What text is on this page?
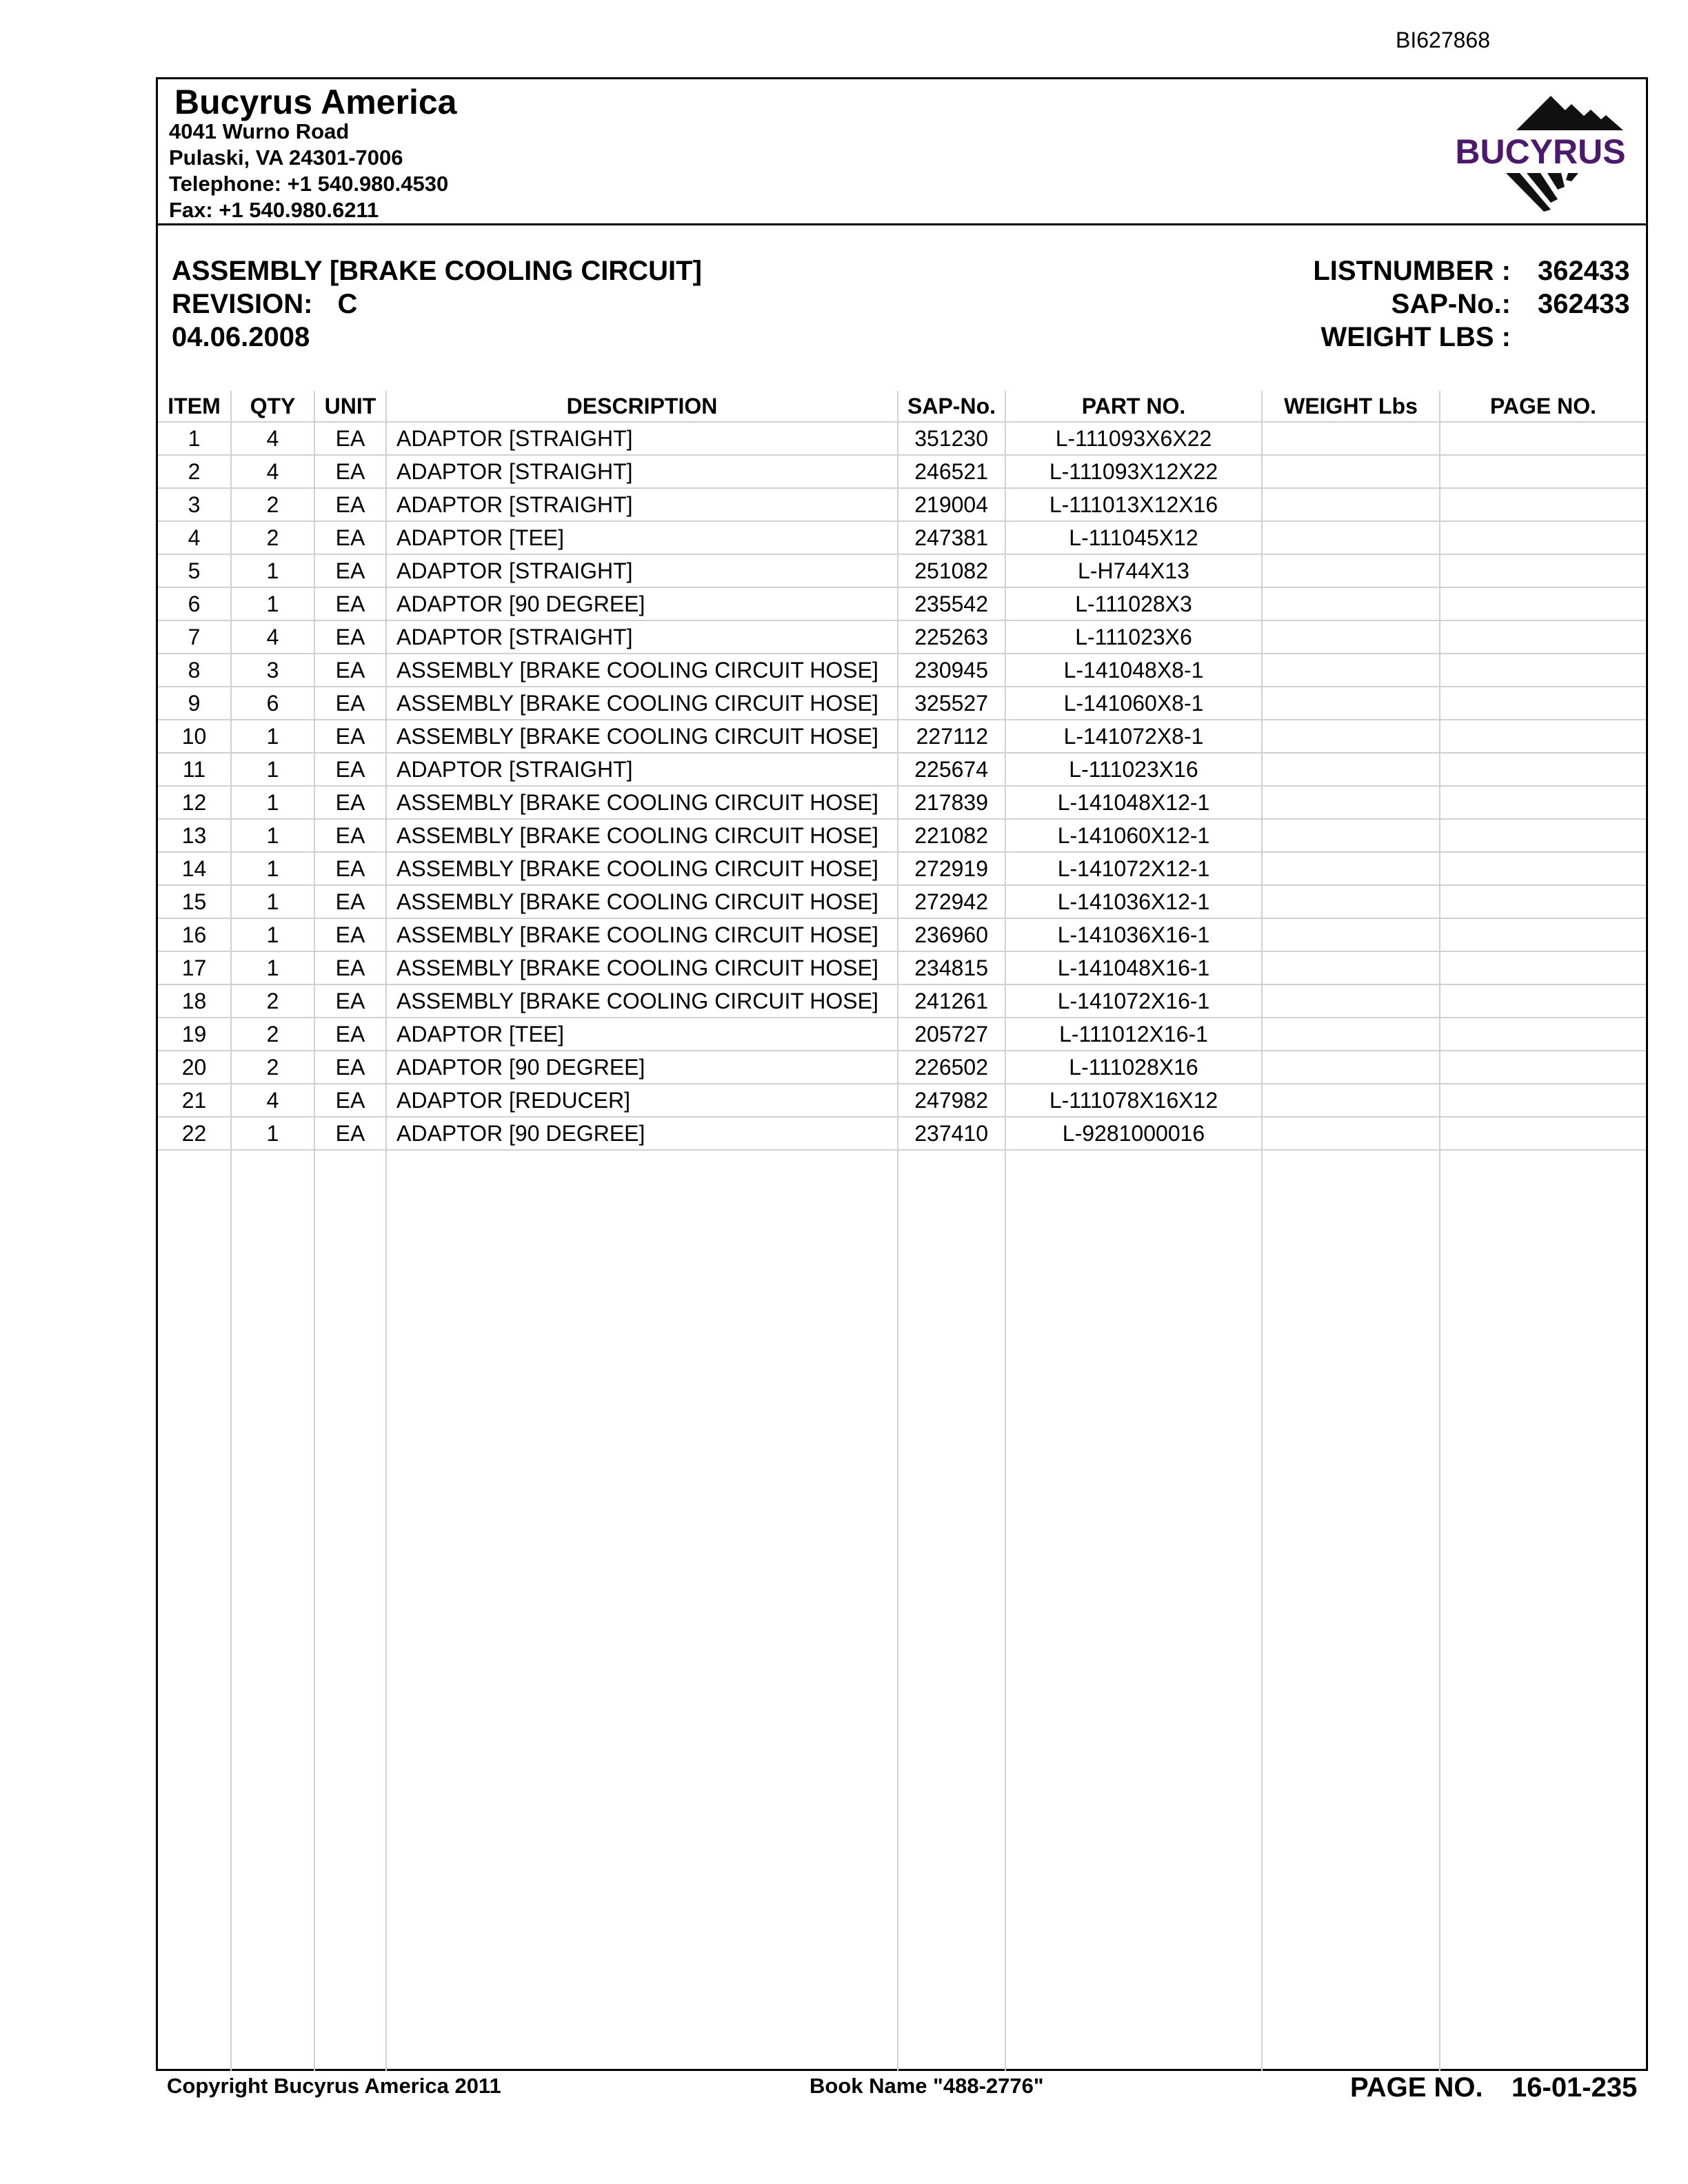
BI627868
Bucyrus America
4041 Wurno Road
Pulaski, VA 24301-7006
Telephone: +1 540.980.4530
Fax: +1 540.980.6211
BUCYRUS
ASSEMBLY [BRAKE COOLING CIRCUIT]
REVISION: C
04.06.2008
LISTNUMBER : 362433
SAP-No.: 362433
WEIGHT LBS :
ITEM	QTY	UNIT	DESCRIPTION	SAP-No.	PART NO.	WEIGHT Lbs	PAGE NO.
1	4	EA	ADAPTOR [STRAIGHT]	351230	L-111093X6X22		
2	4	EA	ADAPTOR [STRAIGHT]	246521	L-111093X12X22		
3	2	EA	ADAPTOR [STRAIGHT]	219004	L-111013X12X16		
4	2	EA	ADAPTOR [TEE]	247381	L-111045X12		
5	1	EA	ADAPTOR [STRAIGHT]	251082	L-H744X13		
6	1	EA	ADAPTOR [90 DEGREE]	235542	L-111028X3		
7	4	EA	ADAPTOR [STRAIGHT]	225263	L-111023X6		
8	3	EA	ASSEMBLY [BRAKE COOLING CIRCUIT HOSE]	230945	L-141048X8-1		
9	6	EA	ASSEMBLY [BRAKE COOLING CIRCUIT HOSE]	325527	L-141060X8-1		
10	1	EA	ASSEMBLY [BRAKE COOLING CIRCUIT HOSE]	227112	L-141072X8-1		
11	1	EA	ADAPTOR [STRAIGHT]	225674	L-111023X16		
12	1	EA	ASSEMBLY [BRAKE COOLING CIRCUIT HOSE]	217839	L-141048X12-1		
13	1	EA	ASSEMBLY [BRAKE COOLING CIRCUIT HOSE]	221082	L-141060X12-1		
14	1	EA	ASSEMBLY [BRAKE COOLING CIRCUIT HOSE]	272919	L-141072X12-1		
15	1	EA	ASSEMBLY [BRAKE COOLING CIRCUIT HOSE]	272942	L-141036X12-1		
16	1	EA	ASSEMBLY [BRAKE COOLING CIRCUIT HOSE]	236960	L-141036X16-1		
17	1	EA	ASSEMBLY [BRAKE COOLING CIRCUIT HOSE]	234815	L-141048X16-1		
18	2	EA	ASSEMBLY [BRAKE COOLING CIRCUIT HOSE]	241261	L-141072X16-1		
19	2	EA	ADAPTOR [TEE]	205727	L-111012X16-1		
20	2	EA	ADAPTOR [90 DEGREE]	226502	L-111028X16		
21	4	EA	ADAPTOR [REDUCER]	247982	L-111078X16X12		
22	1	EA	ADAPTOR [90 DEGREE]	237410	L-9281000016		

Copyright Bucyrus America 2011	Book Name "488-2776"	PAGE NO. 16-01-235
